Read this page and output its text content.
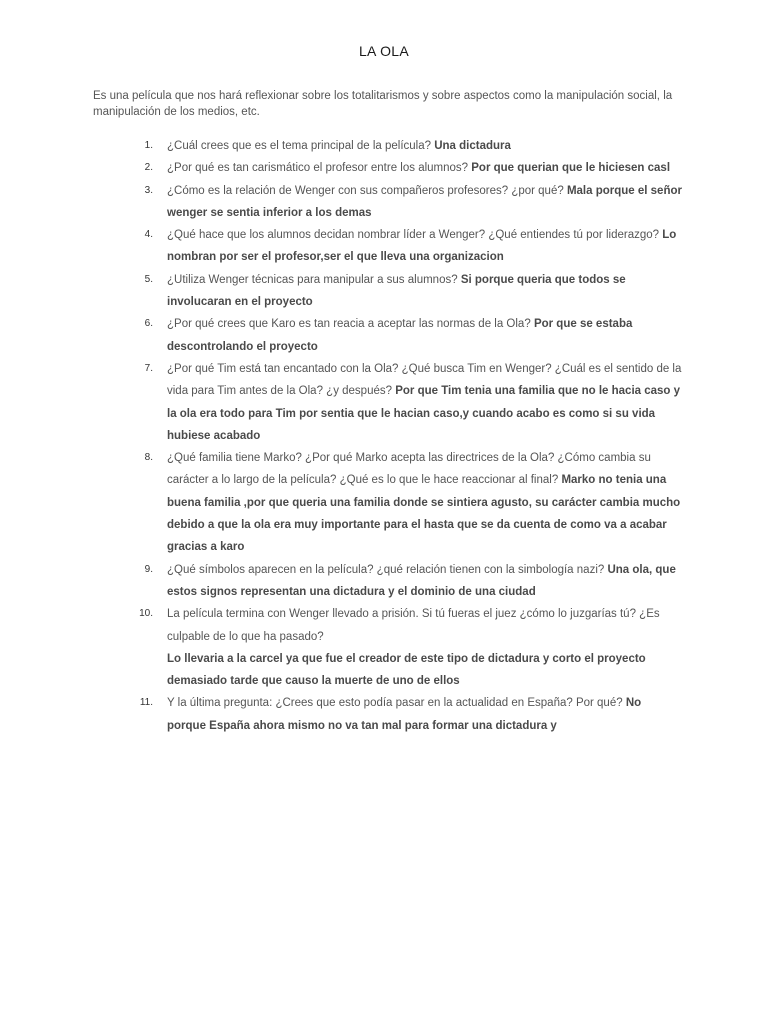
LA OLA
Es una película que nos hará reflexionar sobre los totalitarismos y sobre aspectos como la manipulación social, la manipulación de los medios, etc.
1. ¿Cuál crees que es el tema principal de la película? Una dictadura
2. ¿Por qué es tan carismático el profesor entre los alumnos? Por que querian que le hiciesen casl
3. ¿Cómo es la relación de Wenger con sus compañeros profesores? ¿por qué? Mala porque el señor wenger se sentia inferior a los demas
4. ¿Qué hace que los alumnos decidan nombrar líder a Wenger? ¿Qué entiendes tú por liderazgo? Lo nombran por ser el profesor,ser el que lleva una organizacion
5. ¿Utiliza Wenger técnicas para manipular a sus alumnos? Si porque queria que todos se involucaran en el proyecto
6. ¿Por qué crees que Karo es tan reacia a aceptar las normas de la Ola? Por que se estaba descontrolando el proyecto
7. ¿Por qué Tim está tan encantado con la Ola? ¿Qué busca Tim en Wenger? ¿Cuál es el sentido de la vida para Tim antes de la Ola? ¿y después? Por que Tim tenia una familia que no le hacia caso y la ola era todo para Tim por sentia que le hacian caso,y cuando acabo es como si su vida hubiese acabado
8. ¿Qué familia tiene Marko? ¿Por qué Marko acepta las directrices de la Ola? ¿Cómo cambia su carácter a lo largo de la película? ¿Qué es lo que le hace reaccionar al final? Marko no tenia una buena familia ,por que queria una familia donde se sintiera agusto, su carácter cambia mucho debido a que la ola era muy importante para el hasta que se da cuenta de como va a acabar gracias a karo
9. ¿Qué símbolos aparecen en la película? ¿qué relación tienen con la simbología nazi? Una ola, que estos signos representan una dictadura y el dominio de una ciudad
10. La película termina con Wenger llevado a prisión. Si tú fueras el juez ¿cómo lo juzgarías tú? ¿Es culpable de lo que ha pasado?
Lo llevaria a la carcel ya que fue el creador de este tipo de dictadura y corto el proyecto demasiado tarde que causo la muerte de uno de ellos
11. Y la última pregunta: ¿Crees que esto podía pasar en la actualidad en España? Por qué? No porque España ahora mismo no va tan mal para formar una dictadura y
